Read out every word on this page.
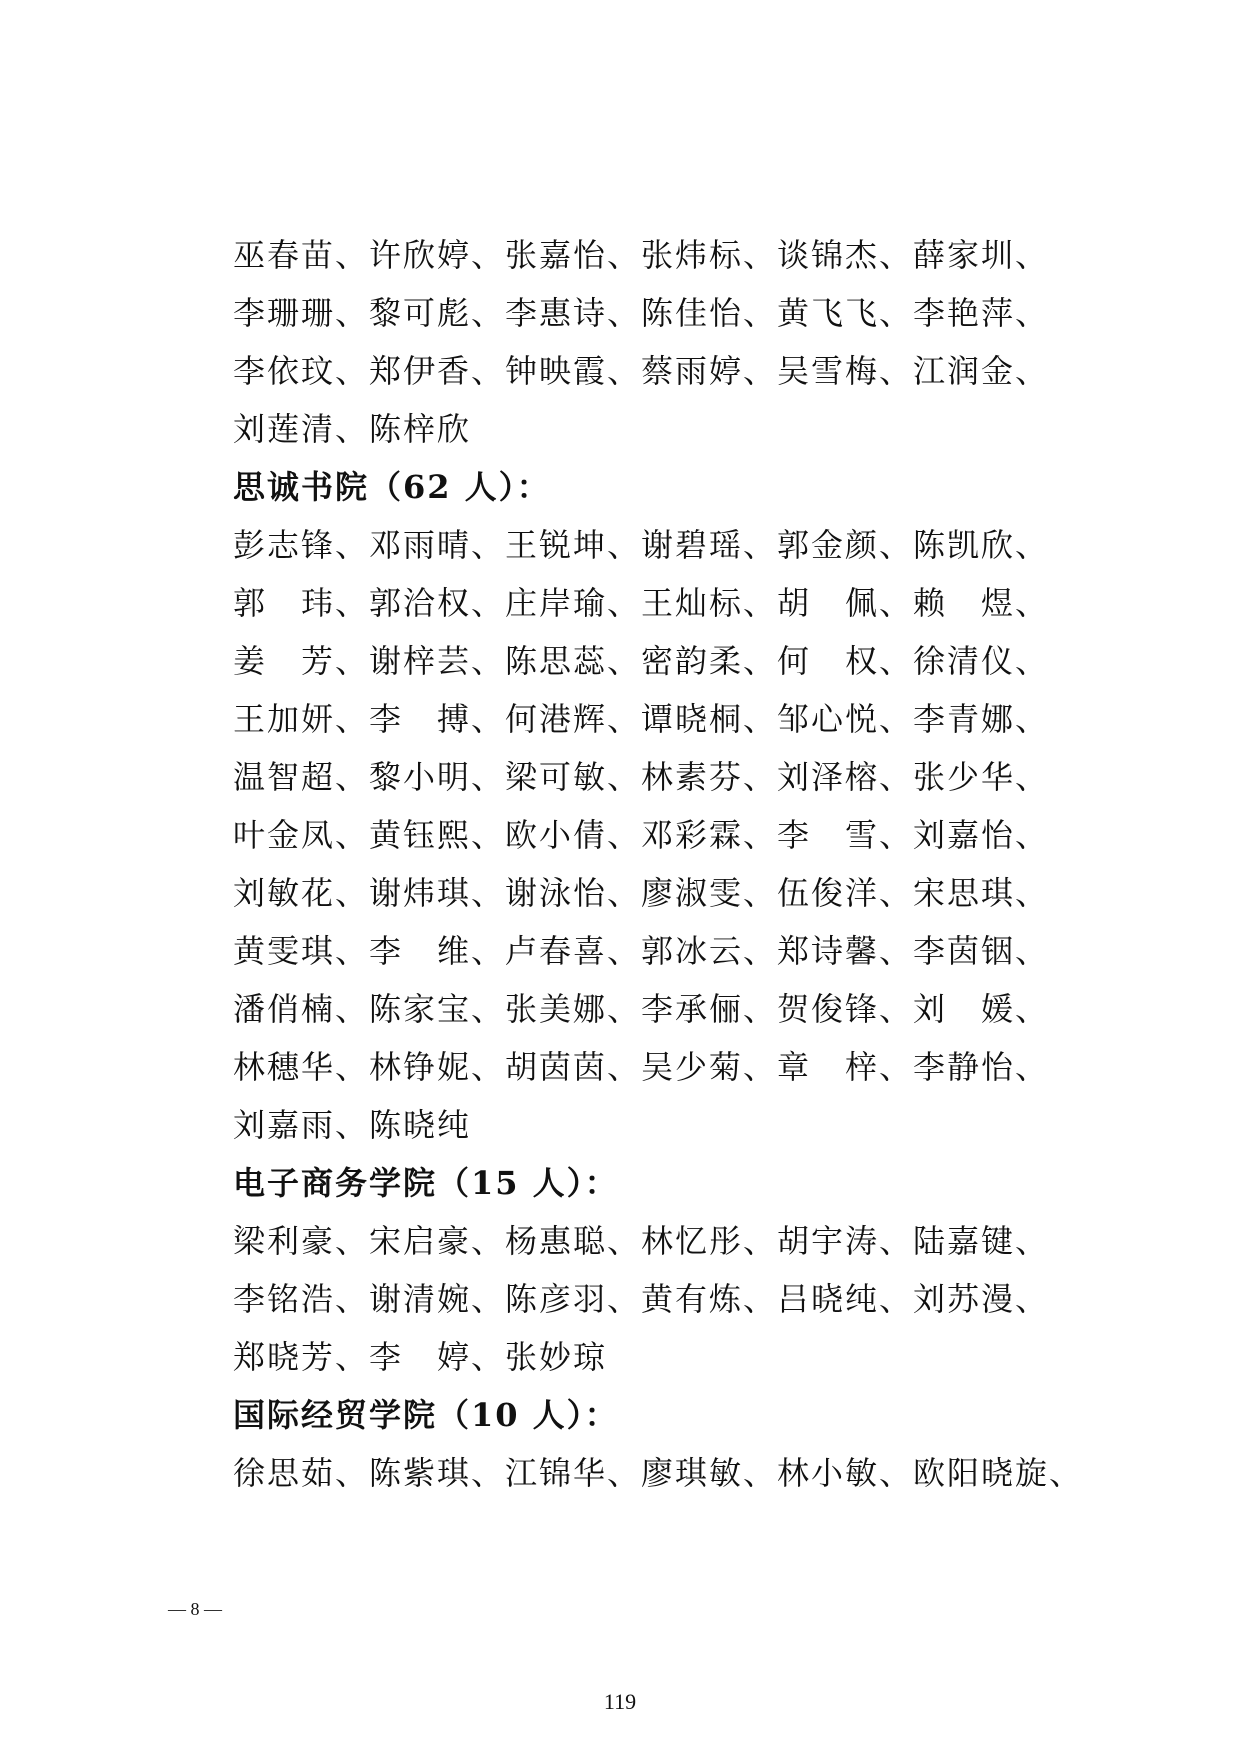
巫春苗、许欣婷、张嘉怡、张炜标、谈锦杰、薛家圳、
李珊珊、黎可彪、李惠诗、陈佳怡、黄飞飞、李艳萍、
李依玟、郑伊香、钟映霞、蔡雨婷、吴雪梅、江润金、
刘莲清、陈梓欣
思诚书院（62 人）：
彭志锋、邓雨晴、王锐坤、谢碧瑶、郭金颜、陈凯欣、
郭　玮、郭洽权、庄岸瑜、王灿标、胡　佩、赖　煜、
姜　芳、谢梓芸、陈思蕊、密韵柔、何　权、徐清仪、
王加妍、李　搏、何港辉、谭晓桐、邹心悦、李青娜、
温智超、黎小明、梁可敏、林素芬、刘泽榕、张少华、
叶金凤、黄钰熙、欧小倩、邓彩霖、李　雪、刘嘉怡、
刘敏花、谢炜琪、谢泳怡、廖淑雯、伍俊洋、宋思琪、
黄雯琪、李　维、卢春喜、郭冰云、郑诗馨、李茵铟、
潘俏楠、陈家宝、张美娜、李承俪、贺俊锋、刘　媛、
林穗华、林铮妮、胡茵茵、吴少菊、章　梓、李静怡、
刘嘉雨、陈晓纯
电子商务学院（15 人）：
梁利豪、宋启豪、杨惠聪、林忆彤、胡宇涛、陆嘉键、
李铭浩、谢清婉、陈彦羽、黄有炼、吕晓纯、刘苏漫、
郑晓芳、李　婷、张妙琼
国际经贸学院（10 人）：
徐思茹、陈紫琪、江锦华、廖琪敏、林小敏、欧阳晓旋、
— 8 —
119
